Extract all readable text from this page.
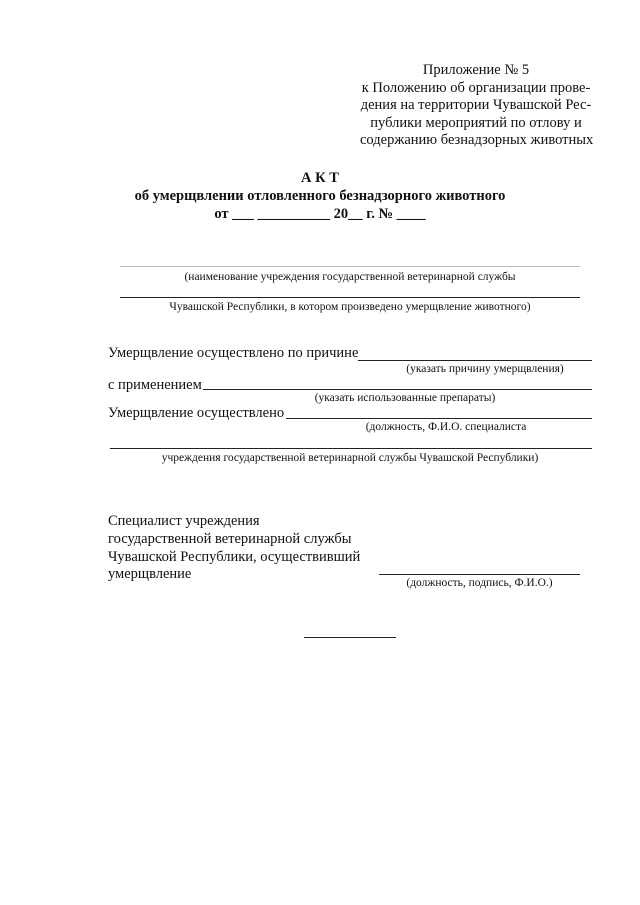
Приложение № 5
к Положению об организации прове-
дения на территории Чувашской Рес-
публики мероприятий по отлову и
содержанию безнадзорных животных
А К Т
об умерщвлении отловленного безнадзорного животного
от ___ __________ 20__ г. № ____
(наименование учреждения государственной ветеринарной службы
Чувашской Республики, в котором произведено умерщвление животного)
Умерщвление осуществлено по причине
(указать причину умерщвления)
с применением
(указать использованные препараты)
Умерщвление осуществлено
(должность, Ф.И.О. специалиста
учреждения государственной ветеринарной службы Чувашской Республики)
Специалист учреждения
государственной ветеринарной службы
Чувашской Республики, осуществивший
умерщвление
(должность, подпись, Ф.И.О.)
